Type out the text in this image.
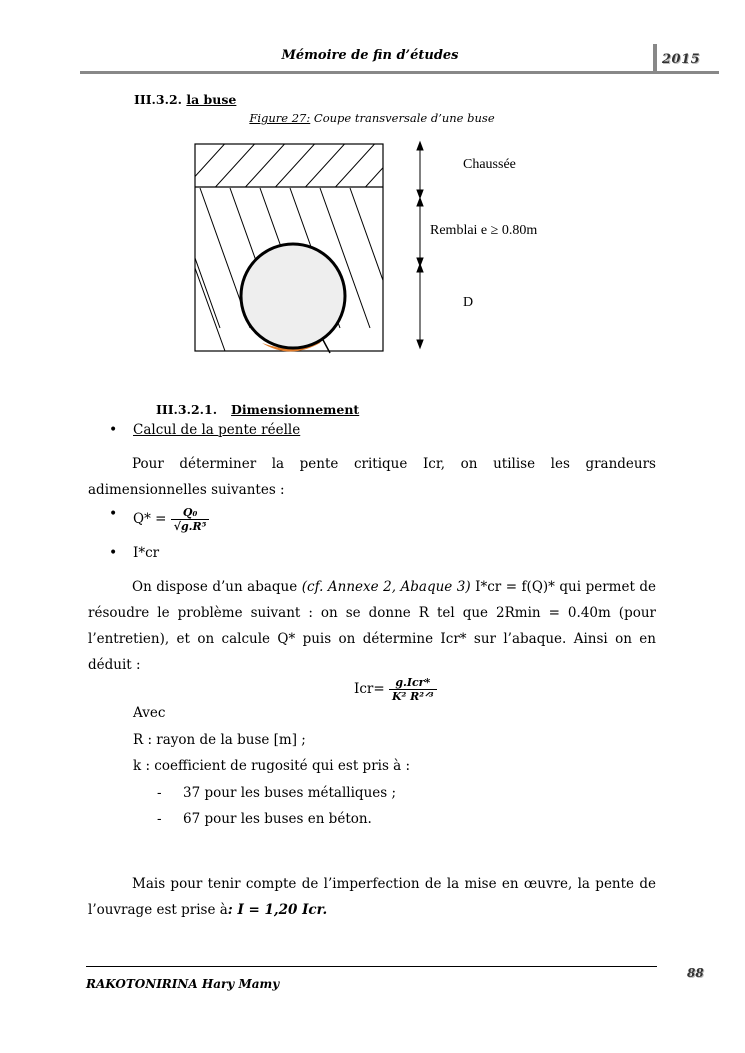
Mémoire de fin d’études	2015
III.3.2. la buse
Figure 27: Coupe transversale d’une buse
Chaussée
Remblai e ≥ 0.80m
D
III.3.2.1. Dimensionnement
• Calcul de la pente réelle
Pour déterminer la pente critique Icr, on utilise les grandeurs adimensionnelles suivantes :
• $Q* = \frac{\text{Q₀}}{\text{√g.R⁵}}$
• I*cr
On dispose d’un abaque (cf. Annexe 2, Abaque 3) I*cr = f(Q)* qui permet de résoudre le problème suivant : on se donne R tel que 2Rmin = 0.40m (pour l’entretien), et on calcule Q* puis on détermine Icr* sur l’abaque. Ainsi on en déduit :
$Icr= \frac{\text{g.Icr*}}{\text{K² R²ᐟ³}}$
Avec
R : rayon de la buse [m] ;
k : coefficient de rugosité qui est pris à :
-     37 pour les buses métalliques ;
-     67 pour les buses en béton.
Mais pour tenir compte de l’imperfection de la mise en œuvre, la pente de l’ouvrage est prise à: I = 1,20 Icr.
RAKOTONIRINA Hary Mamy
88
